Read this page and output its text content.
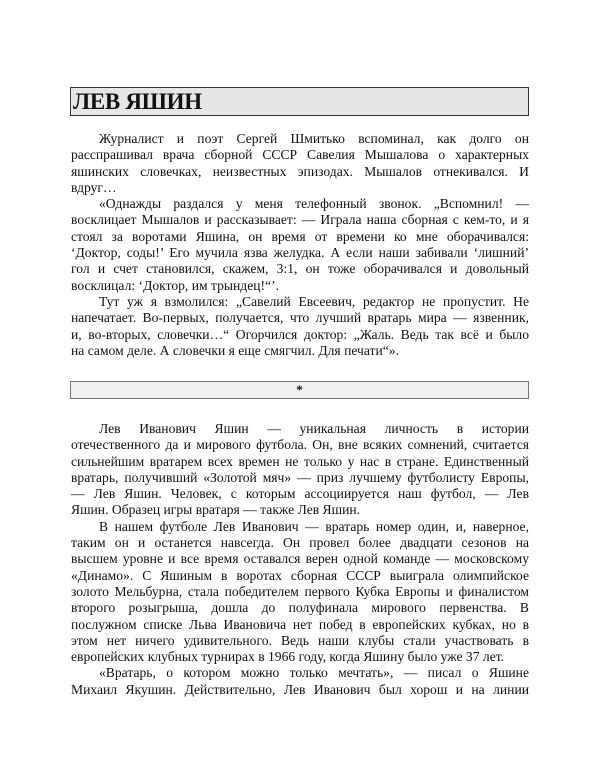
ЛЕВ ЯШИН
Журналист и поэт Сергей Шмитько вспоминал, как долго он
расспрашивал врача сборной СССР Савелия Мышалова о характерных
яшинских словечках, неизвестных эпизодах. Мышалов отнекивался. И
вдруг…
«Однажды раздался у меня телефонный звонок. „Вспомнил! —
восклицает Мышалов и рассказывает: — Играла наша сборная с кем-то, и я
стоял за воротами Яшина, он время от времени ко мне оборачивался:
‘Доктор, соды!’ Его мучила язва желудка. А если наши забивали ‘лишний’
гол и счет становился, скажем, 3:1, он тоже оборачивался и довольный
восклицал: ‘Доктор, им трындец!“’.
Тут уж я взмолился: „Савелий Евсеевич, редактор не пропустит. Не
напечатает. Во-первых, получается, что лучший вратарь мира — язвенник,
и, во-вторых, словечки…“ Огорчился доктор: „Жаль. Ведь так всё и было
на самом деле. А словечки я еще смягчил. Для печати“».
*
Лев Иванович Яшин — уникальная личность в истории
отечественного да и мирового футбола. Он, вне всяких сомнений, считается
сильнейшим вратарем всех времен не только у нас в стране. Единственный
вратарь, получивший «Золотой мяч» — приз лучшему футболисту Европы,
— Лев Яшин. Человек, с которым ассоциируется наш футбол, — Лев
Яшин. Образец игры вратаря — также Лев Яшин.
В нашем футболе Лев Иванович — вратарь номер один, и, наверное,
таким он и останется навсегда. Он провел более двадцати сезонов на
высшем уровне и все время оставался верен одной команде — московскому
«Динамо». С Яшиным в воротах сборная СССР выиграла олимпийское
золото Мельбурна, стала победителем первого Кубка Европы и финалистом
второго розыгрыша, дошла до полуфинала мирового первенства. В
послужном списке Льва Ивановича нет побед в европейских кубках, но в
этом нет ничего удивительного. Ведь наши клубы стали участвовать в
европейских клубных турнирах в 1966 году, когда Яшину было уже 37 лет.
«Вратарь, о котором можно только мечтать», — писал о Яшине
Михаил Якушин. Действительно, Лев Иванович был хорош и на линии
